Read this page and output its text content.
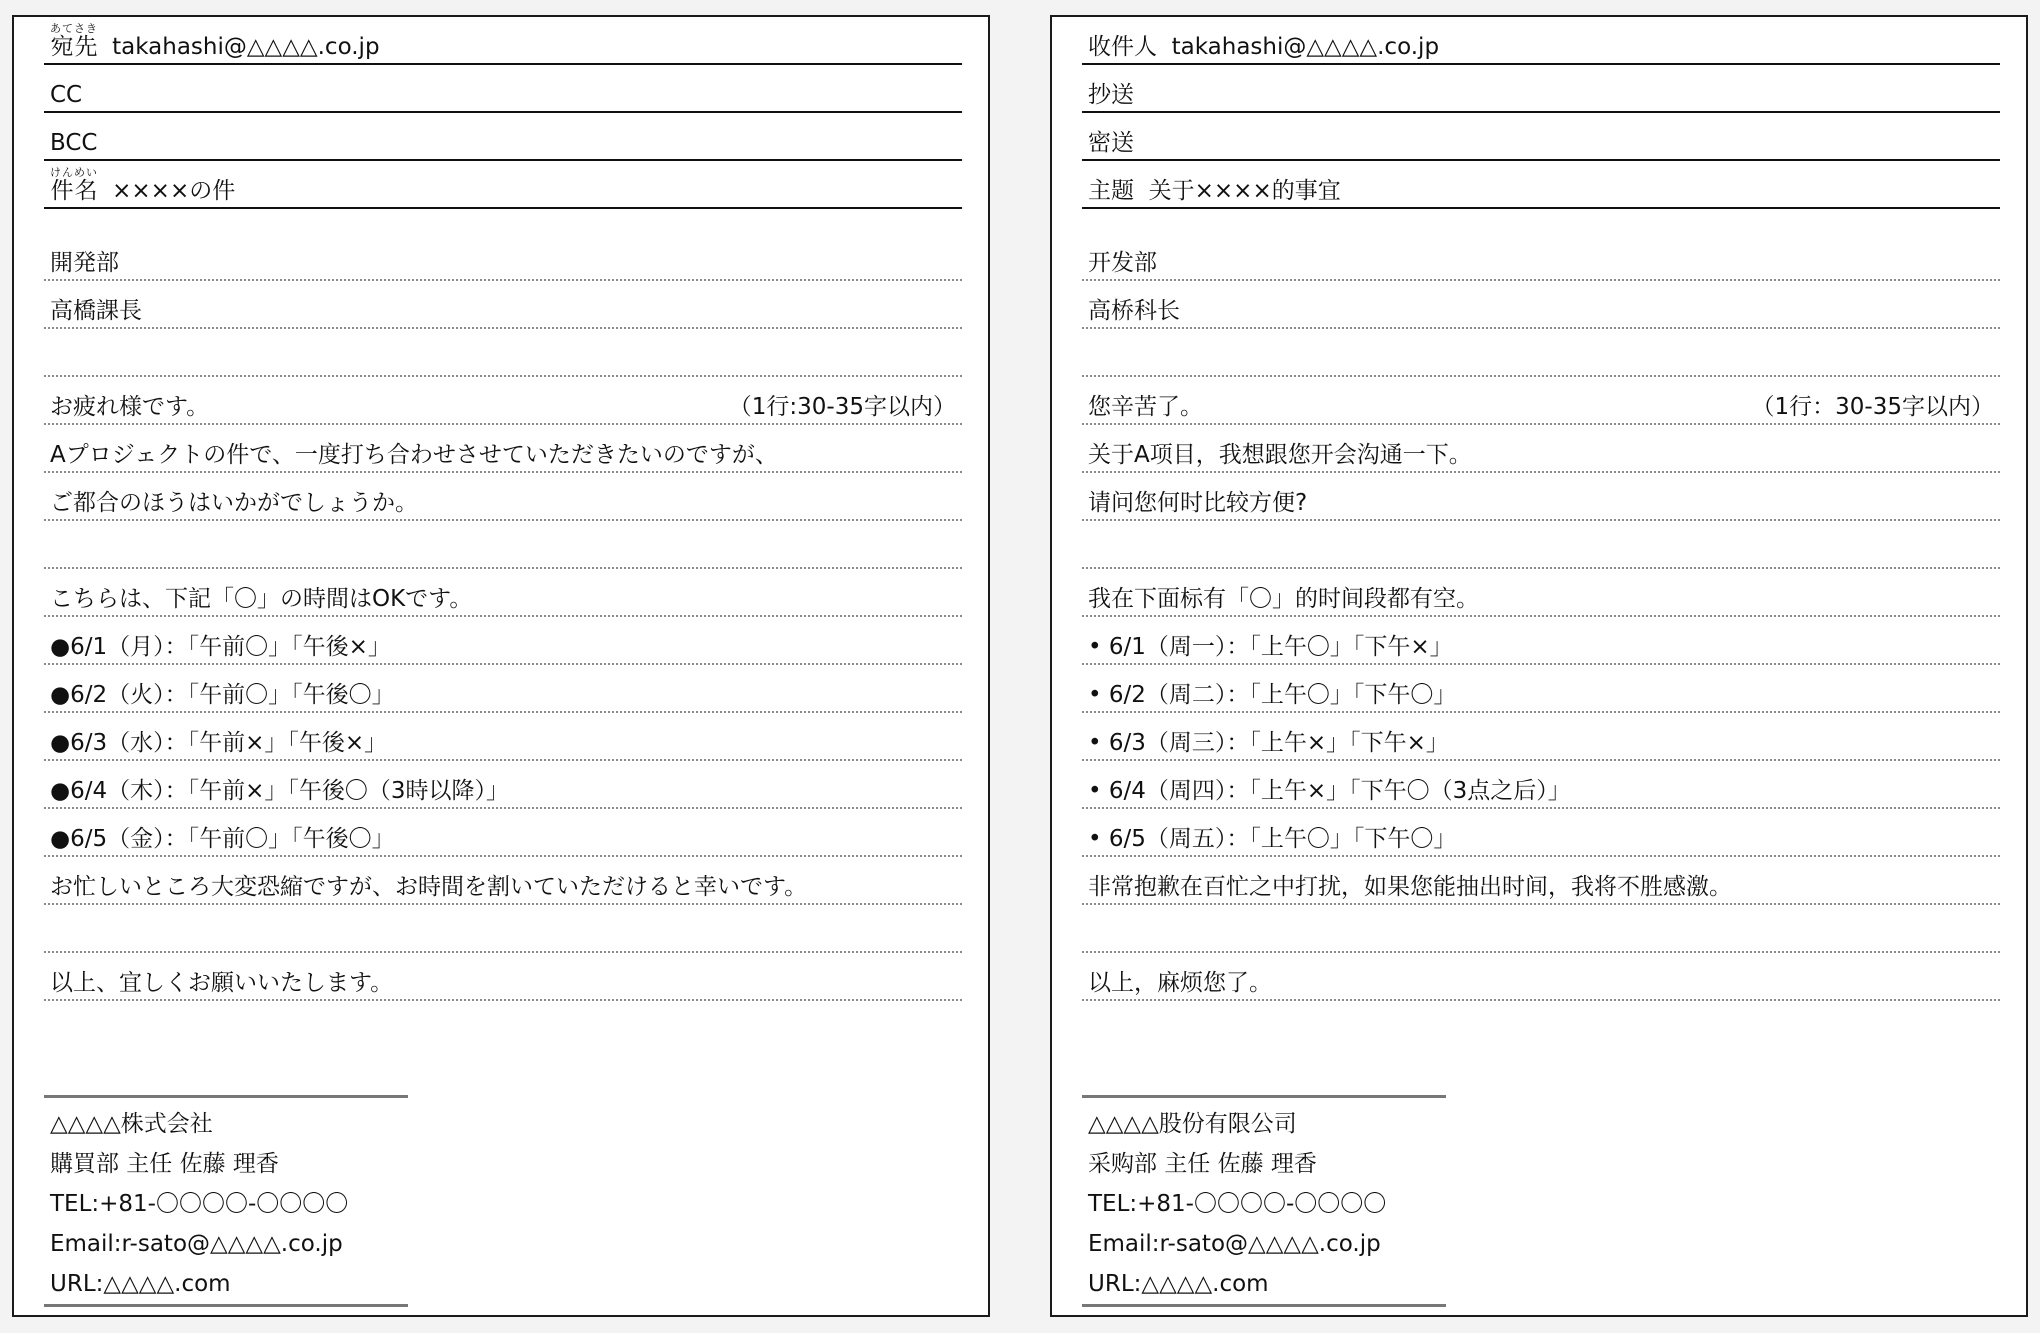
宛先あてさき  takahashi@△△△△.co.jp
CC
BCC
件名けんめい  ××××の件
開発部
高橋課長
お疲れ様です。	（1行:30-35字以内）
Aプロジェクトの件で、一度打ち合わせさせていただきたいのですが、
ご都合のほうはいかがでしょうか。
こちらは、下記「〇」の時間はOKです。
●6/1（月）：「午前〇」「午後×」
●6/2（火）：「午前〇」「午後〇」
●6/3（水）：「午前×」「午後×」
●6/4（木）：「午前×」「午後〇（3時以降）」
●6/5（金）：「午前〇」「午後〇」
お忙しいところ大変恐縮ですが、お時間を割いていただけると幸いです。
以上、宜しくお願いいたします。
△△△△株式会社
購買部 主任 佐藤 理香
TEL:+81-〇〇〇〇-〇〇〇〇
Email:r-sato@△△△△.co.jp
URL:△△△△.com
收件人 takahashi@△△△△.co.jp
抄送
密送
主题 关于××××的事宜
开发部
高桥科长
您辛苦了。	（1行：30-35字以内）
关于A项目，我想跟您开会沟通一下。
请问您何时比较方便?
我在下面标有「〇」的时间段都有空。
• 6/1（周一）：「上午〇」「下午×」
• 6/2（周二）：「上午〇」「下午〇」
• 6/3（周三）：「上午×」「下午×」
• 6/4（周四）：「上午×」「下午〇（3点之后）」
• 6/5（周五）：「上午〇」「下午〇」
非常抱歉在百忙之中打扰，如果您能抽出时间，我将不胜感激。
以上，麻烦您了。
△△△△股份有限公司
采购部 主任 佐藤 理香
TEL:+81-〇〇〇〇-〇〇〇〇
Email:r-sato@△△△△.co.jp
URL:△△△△.com
